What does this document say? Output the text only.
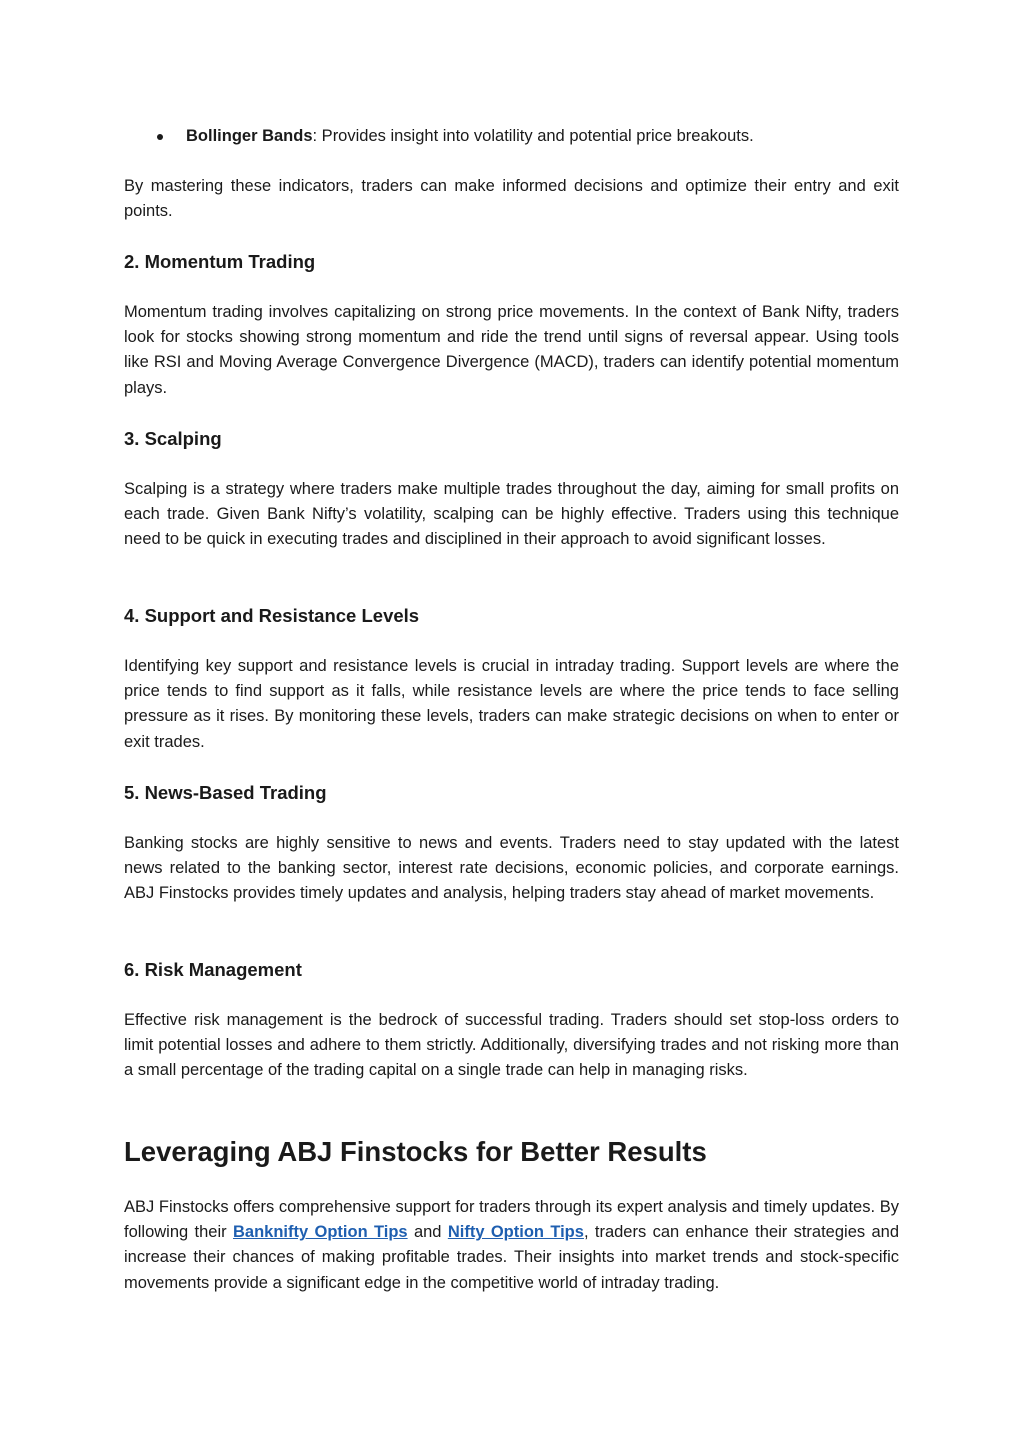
Bollinger Bands: Provides insight into volatility and potential price breakouts.

By mastering these indicators, traders can make informed decisions and optimize their entry and exit points.

2. Momentum Trading

Momentum trading involves capitalizing on strong price movements. In the context of Bank Nifty, traders look for stocks showing strong momentum and ride the trend until signs of reversal appear. Using tools like RSI and Moving Average Convergence Divergence (MACD), traders can identify potential momentum plays.

3. Scalping

Scalping is a strategy where traders make multiple trades throughout the day, aiming for small profits on each trade. Given Bank Nifty’s volatility, scalping can be highly effective. Traders using this technique need to be quick in executing trades and disciplined in their approach to avoid significant losses.

4. Support and Resistance Levels

Identifying key support and resistance levels is crucial in intraday trading. Support levels are where the price tends to find support as it falls, while resistance levels are where the price tends to face selling pressure as it rises. By monitoring these levels, traders can make strategic decisions on when to enter or exit trades.

5. News-Based Trading

Banking stocks are highly sensitive to news and events. Traders need to stay updated with the latest news related to the banking sector, interest rate decisions, economic policies, and corporate earnings. ABJ Finstocks provides timely updates and analysis, helping traders stay ahead of market movements.

6. Risk Management

Effective risk management is the bedrock of successful trading. Traders should set stop-loss orders to limit potential losses and adhere to them strictly. Additionally, diversifying trades and not risking more than a small percentage of the trading capital on a single trade can help in managing risks.

Leveraging ABJ Finstocks for Better Results

ABJ Finstocks offers comprehensive support for traders through its expert analysis and timely updates. By following their Banknifty Option Tips and Nifty Option Tips, traders can enhance their strategies and increase their chances of making profitable trades. Their insights into market trends and stock-specific movements provide a significant edge in the competitive world of intraday trading.
